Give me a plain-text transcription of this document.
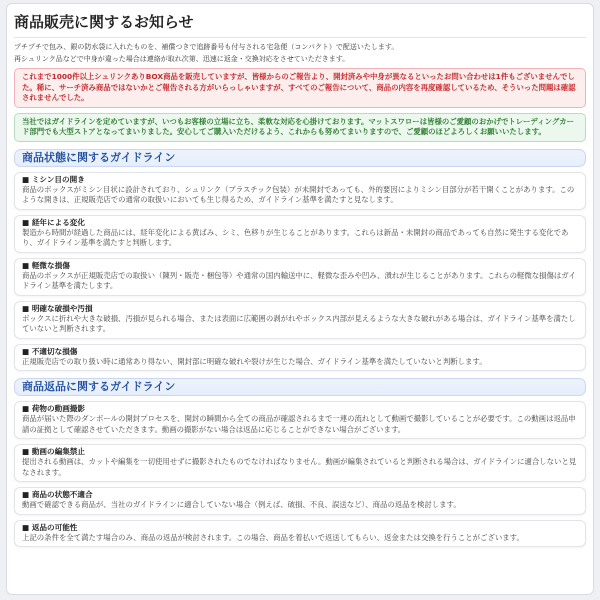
商品販売に関するお知らせ
プチプチで包み、銀の防水袋に入れたものを、補償つきで追跡番号も付与される宅急便（コンパクト）で配送いたします。
再シュリンク品などで中身が違った場合は連絡が取れ次第、迅速に返金・交換対応をさせていただきます。
これまで1000件以上シュリンクありBOX商品を販売していますが、皆様からのご報告より、開封済みや中身が異なるといったお問い合わせは1件もございませんでした。稀に、サーチ済み商品ではないかとご報告される方がいらっしゃいますが、すべてのご報告について、商品の内容を再度確認しているため、そういった問題は確認されませんでした。
当社ではガイドラインを定めていますが、いつもお客様の立場に立ち、柔軟な対応を心掛けております。マットスワローは皆様のご愛顧のおかげでトレーディングカード部門でも大型ストアとなってまいりました。安心してご購入いただけるよう、これからも努めてまいりますので、ご愛顧のほどよろしくお願いいたします。
商品状態に関するガイドライン
■ ミシン目の開き
商品のボックスがミシン目状に設計されており、シュリンク（プラスチック包装）が未開封であっても、外的要因によりミシン目部分が若干開くことがあります。このような開きは、正規販売店での通常の取扱いにおいても生じ得るため、ガイドライン基準を満たすと見なします。
■ 経年による変化
製造から時間が経過した商品には、経年変化による黄ばみ、シミ、色移りが生じることがあります。これらは新品・未開封の商品であっても自然に発生する変化であり、ガイドライン基準を満たすと判断します。
■ 軽微な損傷
商品のボックスが正規販売店での取扱い（陳列・販売・梱包等）や通常の国内輸送中に、軽微な歪みや凹み、潰れが生じることがあります。これらの軽微な損傷はガイドライン基準を満たします。
■ 明確な破損や汚損
ボックスに折れや大きな破損、汚損が見られる場合、または表面に広範囲の剥がれやボックス内部が見えるような大きな破れがある場合は、ガイドライン基準を満たしていないと判断されます。
■ 不適切な損傷
正規販売店での取り扱い時に通常あり得ない、開封部に明確な破れや裂けが生じた場合、ガイドライン基準を満たしていないと判断します。
商品返品に関するガイドライン
■ 荷物の動画撮影
商品が届いた際のダンボールの開封プロセスを、開封の瞬間から全ての商品が確認されるまで一連の流れとして動画で撮影していることが必要です。この動画は返品申請の証拠として確認させていただきます。動画の撮影がない場合は返品に応じることができない場合がございます。
■ 動画の編集禁止
提出される動画は、カットや編集を一切使用せずに撮影されたものでなければなりません。動画が編集されていると判断される場合は、ガイドラインに適合しないと見なされます。
■ 商品の状態不適合
動画で確認できる商品が、当社のガイドラインに適合していない場合（例えば、破損、不良、誤送など）、商品の返品を検討します。
■ 返品の可能性
上記の条件を全て満たす場合のみ、商品の返品が検討されます。この場合、商品を着払いで返送してもらい、返金または交換を行うことがございます。
